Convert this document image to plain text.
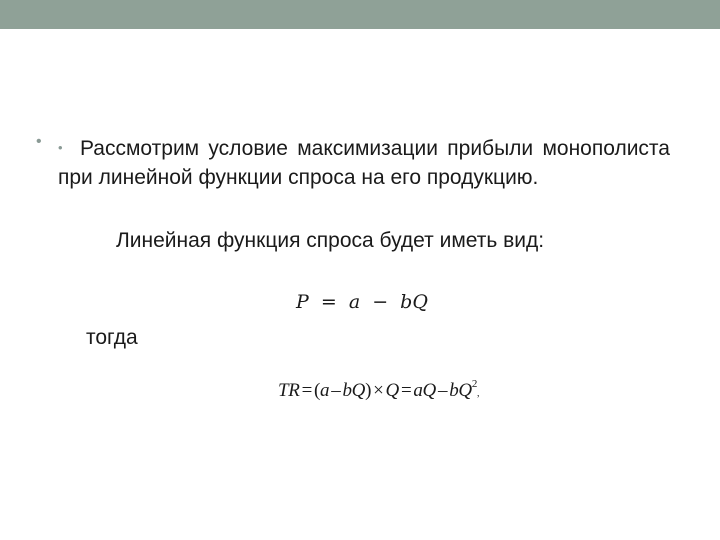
• • Рассмотрим условие максимизации прибыли монополиста при линейной функции спроса на его продукцию.
Линейная функция спроса будет иметь вид:
P = a − bQ
тогда
TR = (a – bQ) × Q = aQ – $bQ^2$,
